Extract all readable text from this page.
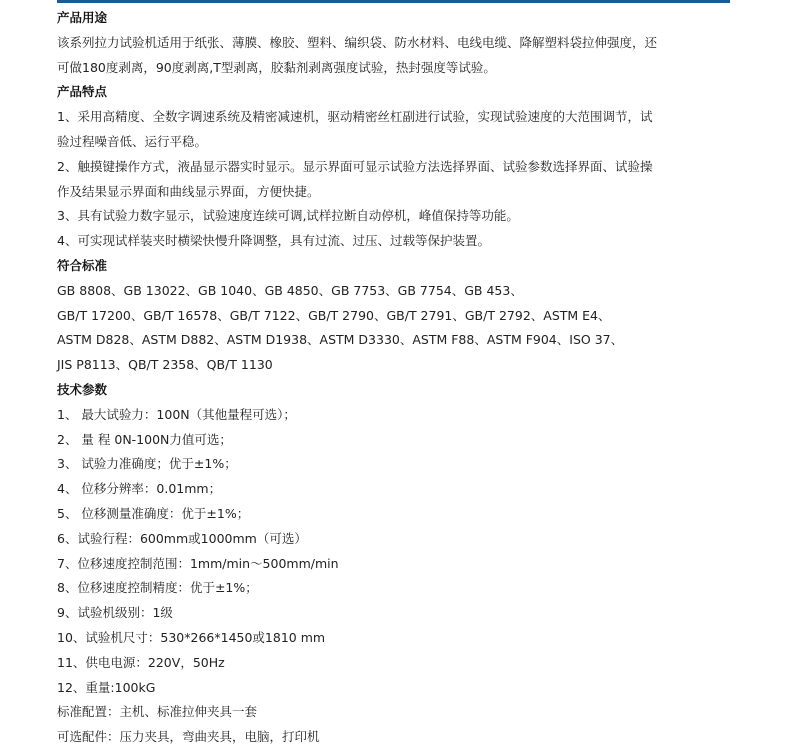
产品用途
该系列拉力试验机适用于纸张、薄膜、橡胶、塑料、编织袋、防水材料、电线电缆、降解塑料袋拉伸强度，还
可做180度剥离，90度剥离,T型剥离，胶黏剂剥离强度试验，热封强度等试验。
产品特点
1、采用高精度、全数字调速系统及精密减速机，驱动精密丝杠副进行试验，实现试验速度的大范围调节，试
验过程噪音低、运行平稳。
2、触摸键操作方式，液晶显示器实时显示。显示界面可显示试验方法选择界面、试验参数选择界面、试验操
作及结果显示界面和曲线显示界面，方便快捷。
3、具有试验力数字显示，试验速度连续可调,试样拉断自动停机，峰值保持等功能。
4、可实现试样装夹时横梁快慢升降调整，具有过流、过压、过载等保护装置。
符合标准
GB 8808、GB 13022、GB 1040、GB 4850、GB 7753、GB 7754、GB 453、
GB/T 17200、GB/T 16578、GB/T 7122、GB/T 2790、GB/T 2791、GB/T 2792、ASTM E4、
ASTM D828、ASTM D882、ASTM D1938、ASTM D3330、ASTM F88、ASTM F904、ISO 37、
JIS P8113、QB/T 2358、QB/T 1130
技术参数
1、 最大试验力：100N（其他量程可选）；
2、 量 程 0N-100N力值可选；
3、 试验力准确度；优于±1%；
4、 位移分辨率：0.01mm；
5、 位移测量准确度：优于±1%；
6、试验行程：600mm或1000mm（可选）
7、位移速度控制范围：1mm/min～500mm/min
8、位移速度控制精度：优于±1%；
9、试验机级别：1级
10、试验机尺寸：530*266*1450或1810 mm
11、供电电源：220V，50Hz
12、重量:100kG
标准配置：主机、标准拉伸夹具一套
可选配件：压力夹具，弯曲夹具，电脑，打印机
